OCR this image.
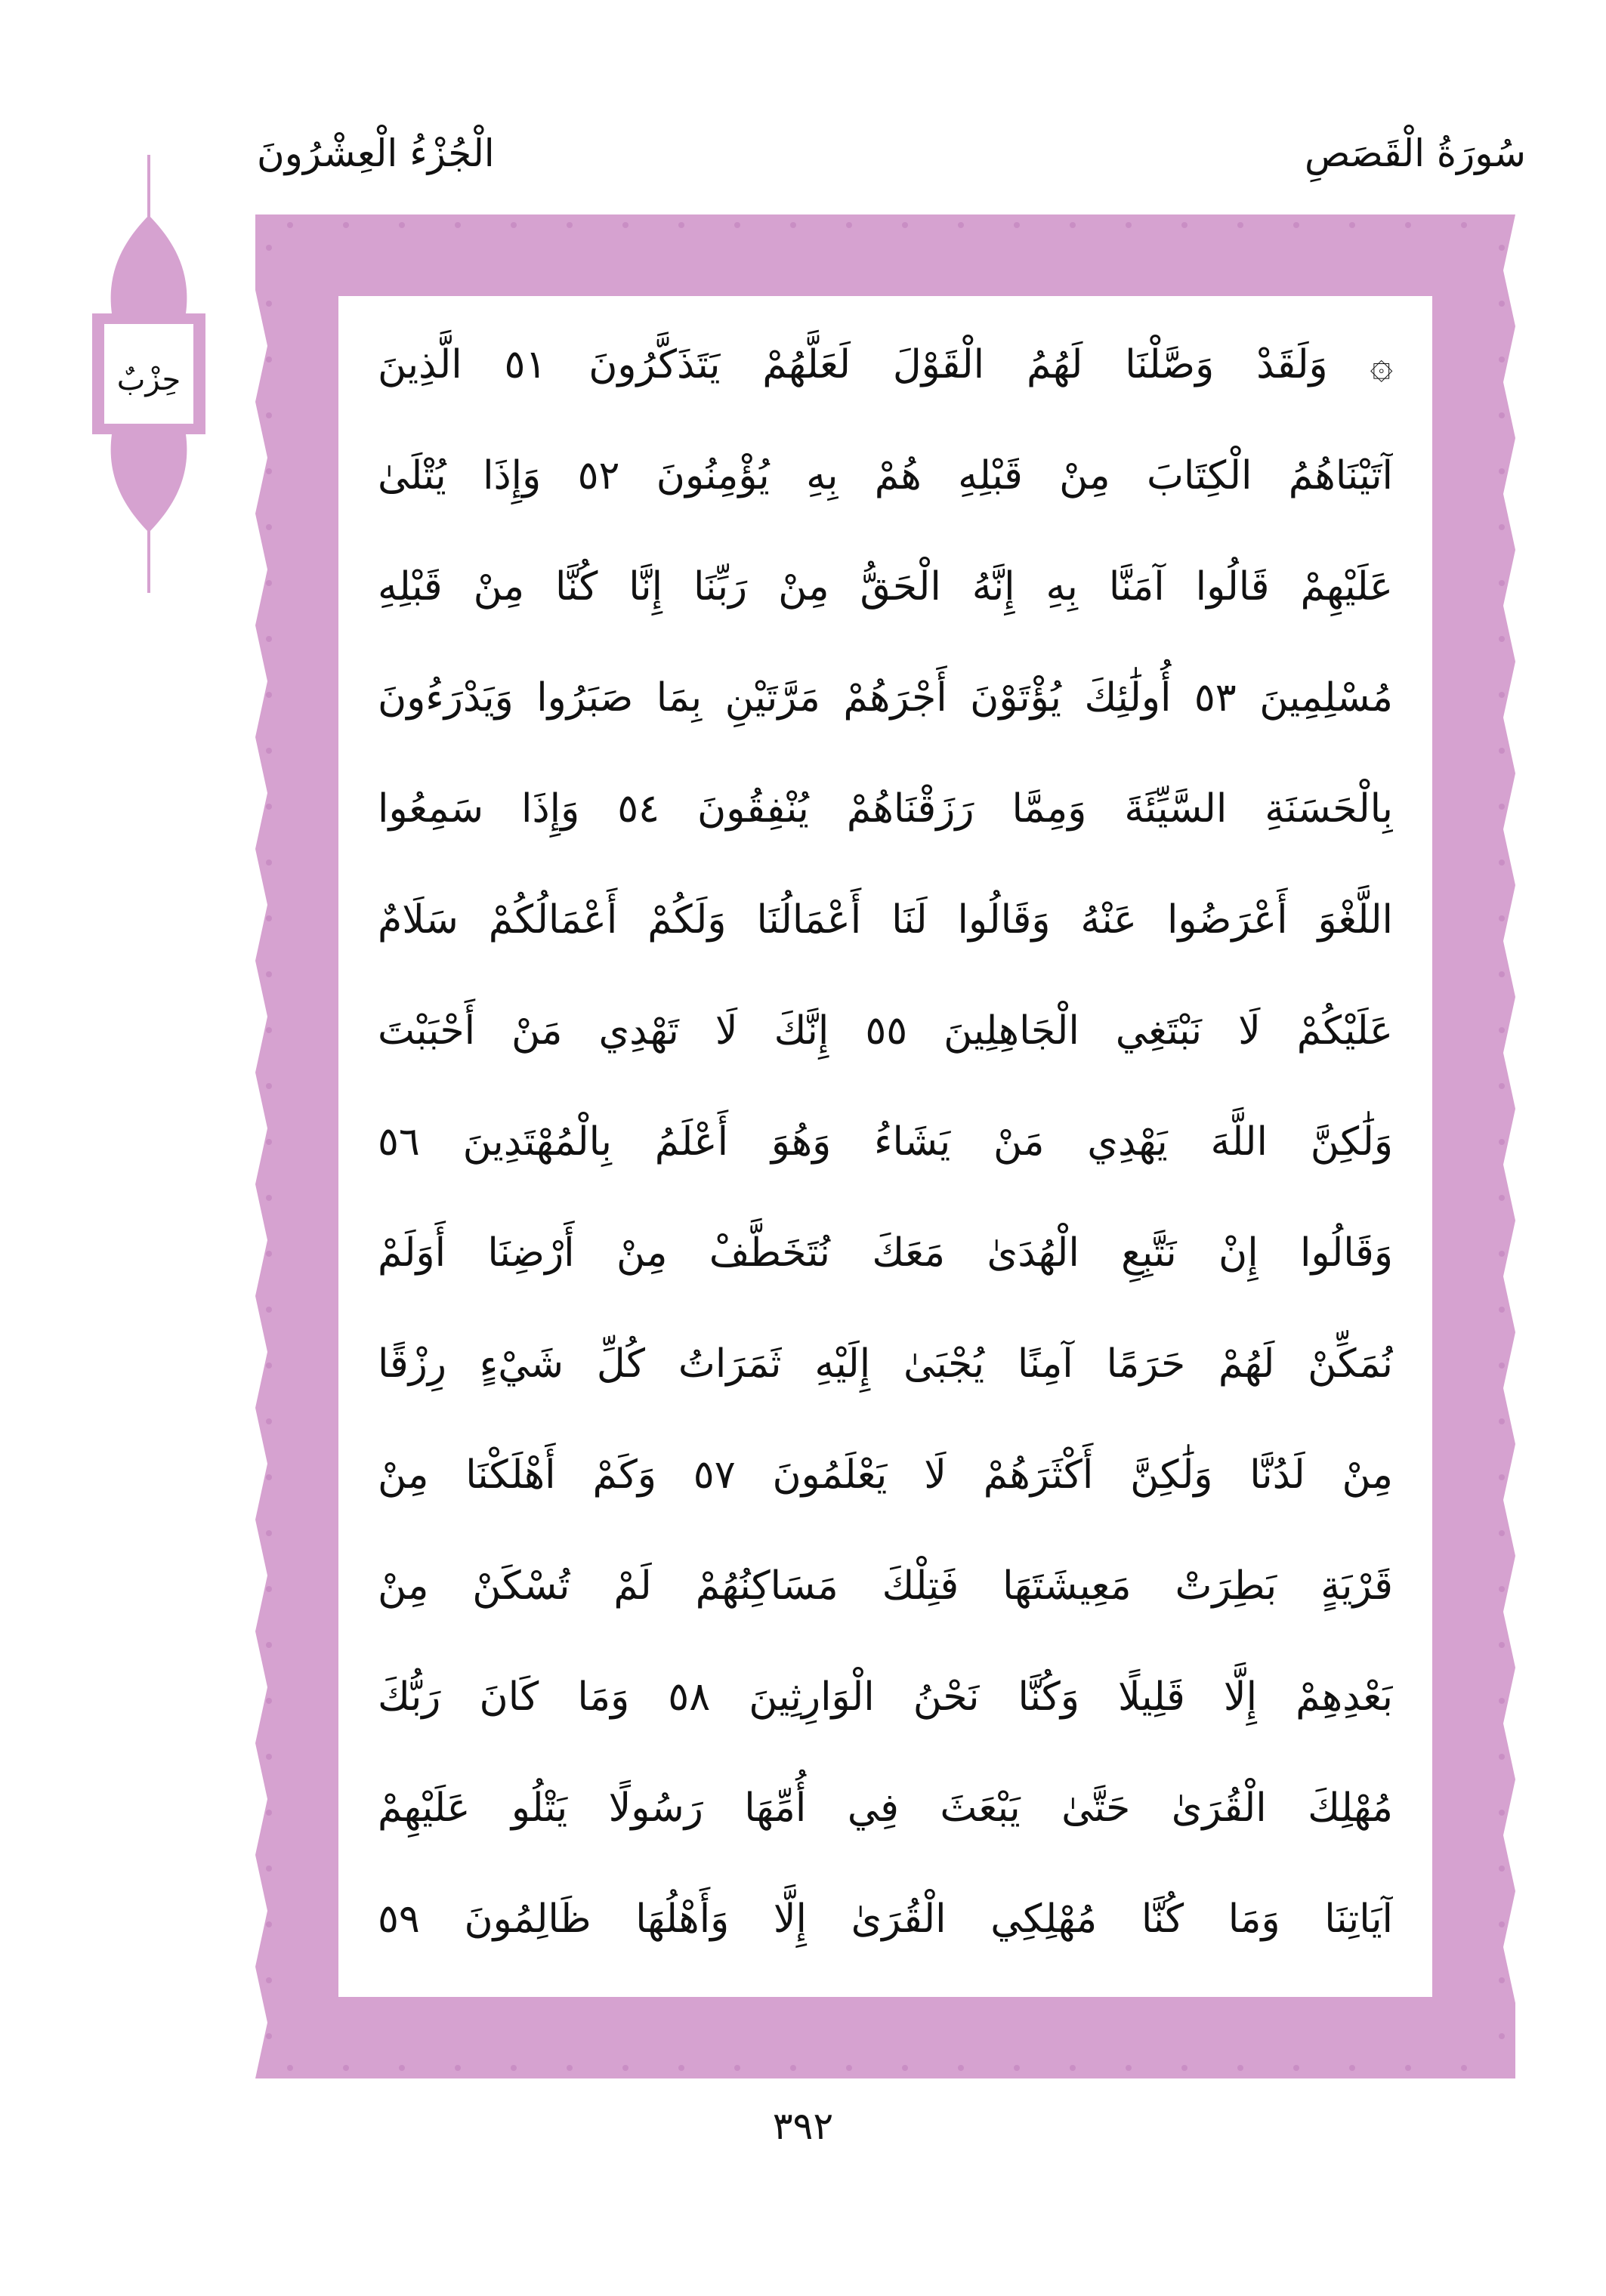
سُورَةُ الْقَصَصِ
الْجُزْءُ الْعِشْرُونَ
حِزْبٌ	۞ وَلَقَدْ وَصَّلْنَا لَهُمُ الْقَوْلَ لَعَلَّهُمْ يَتَذَكَّرُونَ ٥١ الَّذِينَ
آتَيْنَاهُمُ الْكِتَابَ مِنْ قَبْلِهِ هُمْ بِهِ يُؤْمِنُونَ ٥٢ وَإِذَا يُتْلَىٰ
عَلَيْهِمْ قَالُوا آمَنَّا بِهِ إِنَّهُ الْحَقُّ مِنْ رَبِّنَا إِنَّا كُنَّا مِنْ قَبْلِهِ
مُسْلِمِينَ ٥٣ أُولَٰئِكَ يُؤْتَوْنَ أَجْرَهُمْ مَرَّتَيْنِ بِمَا صَبَرُوا وَيَدْرَءُونَ
بِالْحَسَنَةِ السَّيِّئَةَ وَمِمَّا رَزَقْنَاهُمْ يُنْفِقُونَ ٥٤ وَإِذَا سَمِعُوا
اللَّغْوَ أَعْرَضُوا عَنْهُ وَقَالُوا لَنَا أَعْمَالُنَا وَلَكُمْ أَعْمَالُكُمْ سَلَامٌ
عَلَيْكُمْ لَا نَبْتَغِي الْجَاهِلِينَ ٥٥ إِنَّكَ لَا تَهْدِي مَنْ أَحْبَبْتَ
وَلَٰكِنَّ اللَّهَ يَهْدِي مَنْ يَشَاءُ وَهُوَ أَعْلَمُ بِالْمُهْتَدِينَ ٥٦
وَقَالُوا إِنْ نَتَّبِعِ الْهُدَىٰ مَعَكَ نُتَخَطَّفْ مِنْ أَرْضِنَا أَوَلَمْ
نُمَكِّنْ لَهُمْ حَرَمًا آمِنًا يُجْبَىٰ إِلَيْهِ ثَمَرَاتُ كُلِّ شَيْءٍ رِزْقًا
مِنْ لَدُنَّا وَلَٰكِنَّ أَكْثَرَهُمْ لَا يَعْلَمُونَ ٥٧ وَكَمْ أَهْلَكْنَا مِنْ
قَرْيَةٍ بَطِرَتْ مَعِيشَتَهَا فَتِلْكَ مَسَاكِنُهُمْ لَمْ تُسْكَنْ مِنْ
بَعْدِهِمْ إِلَّا قَلِيلًا وَكُنَّا نَحْنُ الْوَارِثِينَ ٥٨ وَمَا كَانَ رَبُّكَ
مُهْلِكَ الْقُرَىٰ حَتَّىٰ يَبْعَثَ فِي أُمِّهَا رَسُولًا يَتْلُو عَلَيْهِمْ
آيَاتِنَا وَمَا كُنَّا مُهْلِكِي الْقُرَىٰ إِلَّا وَأَهْلُهَا ظَالِمُونَ ٥٩
٣٩٢
